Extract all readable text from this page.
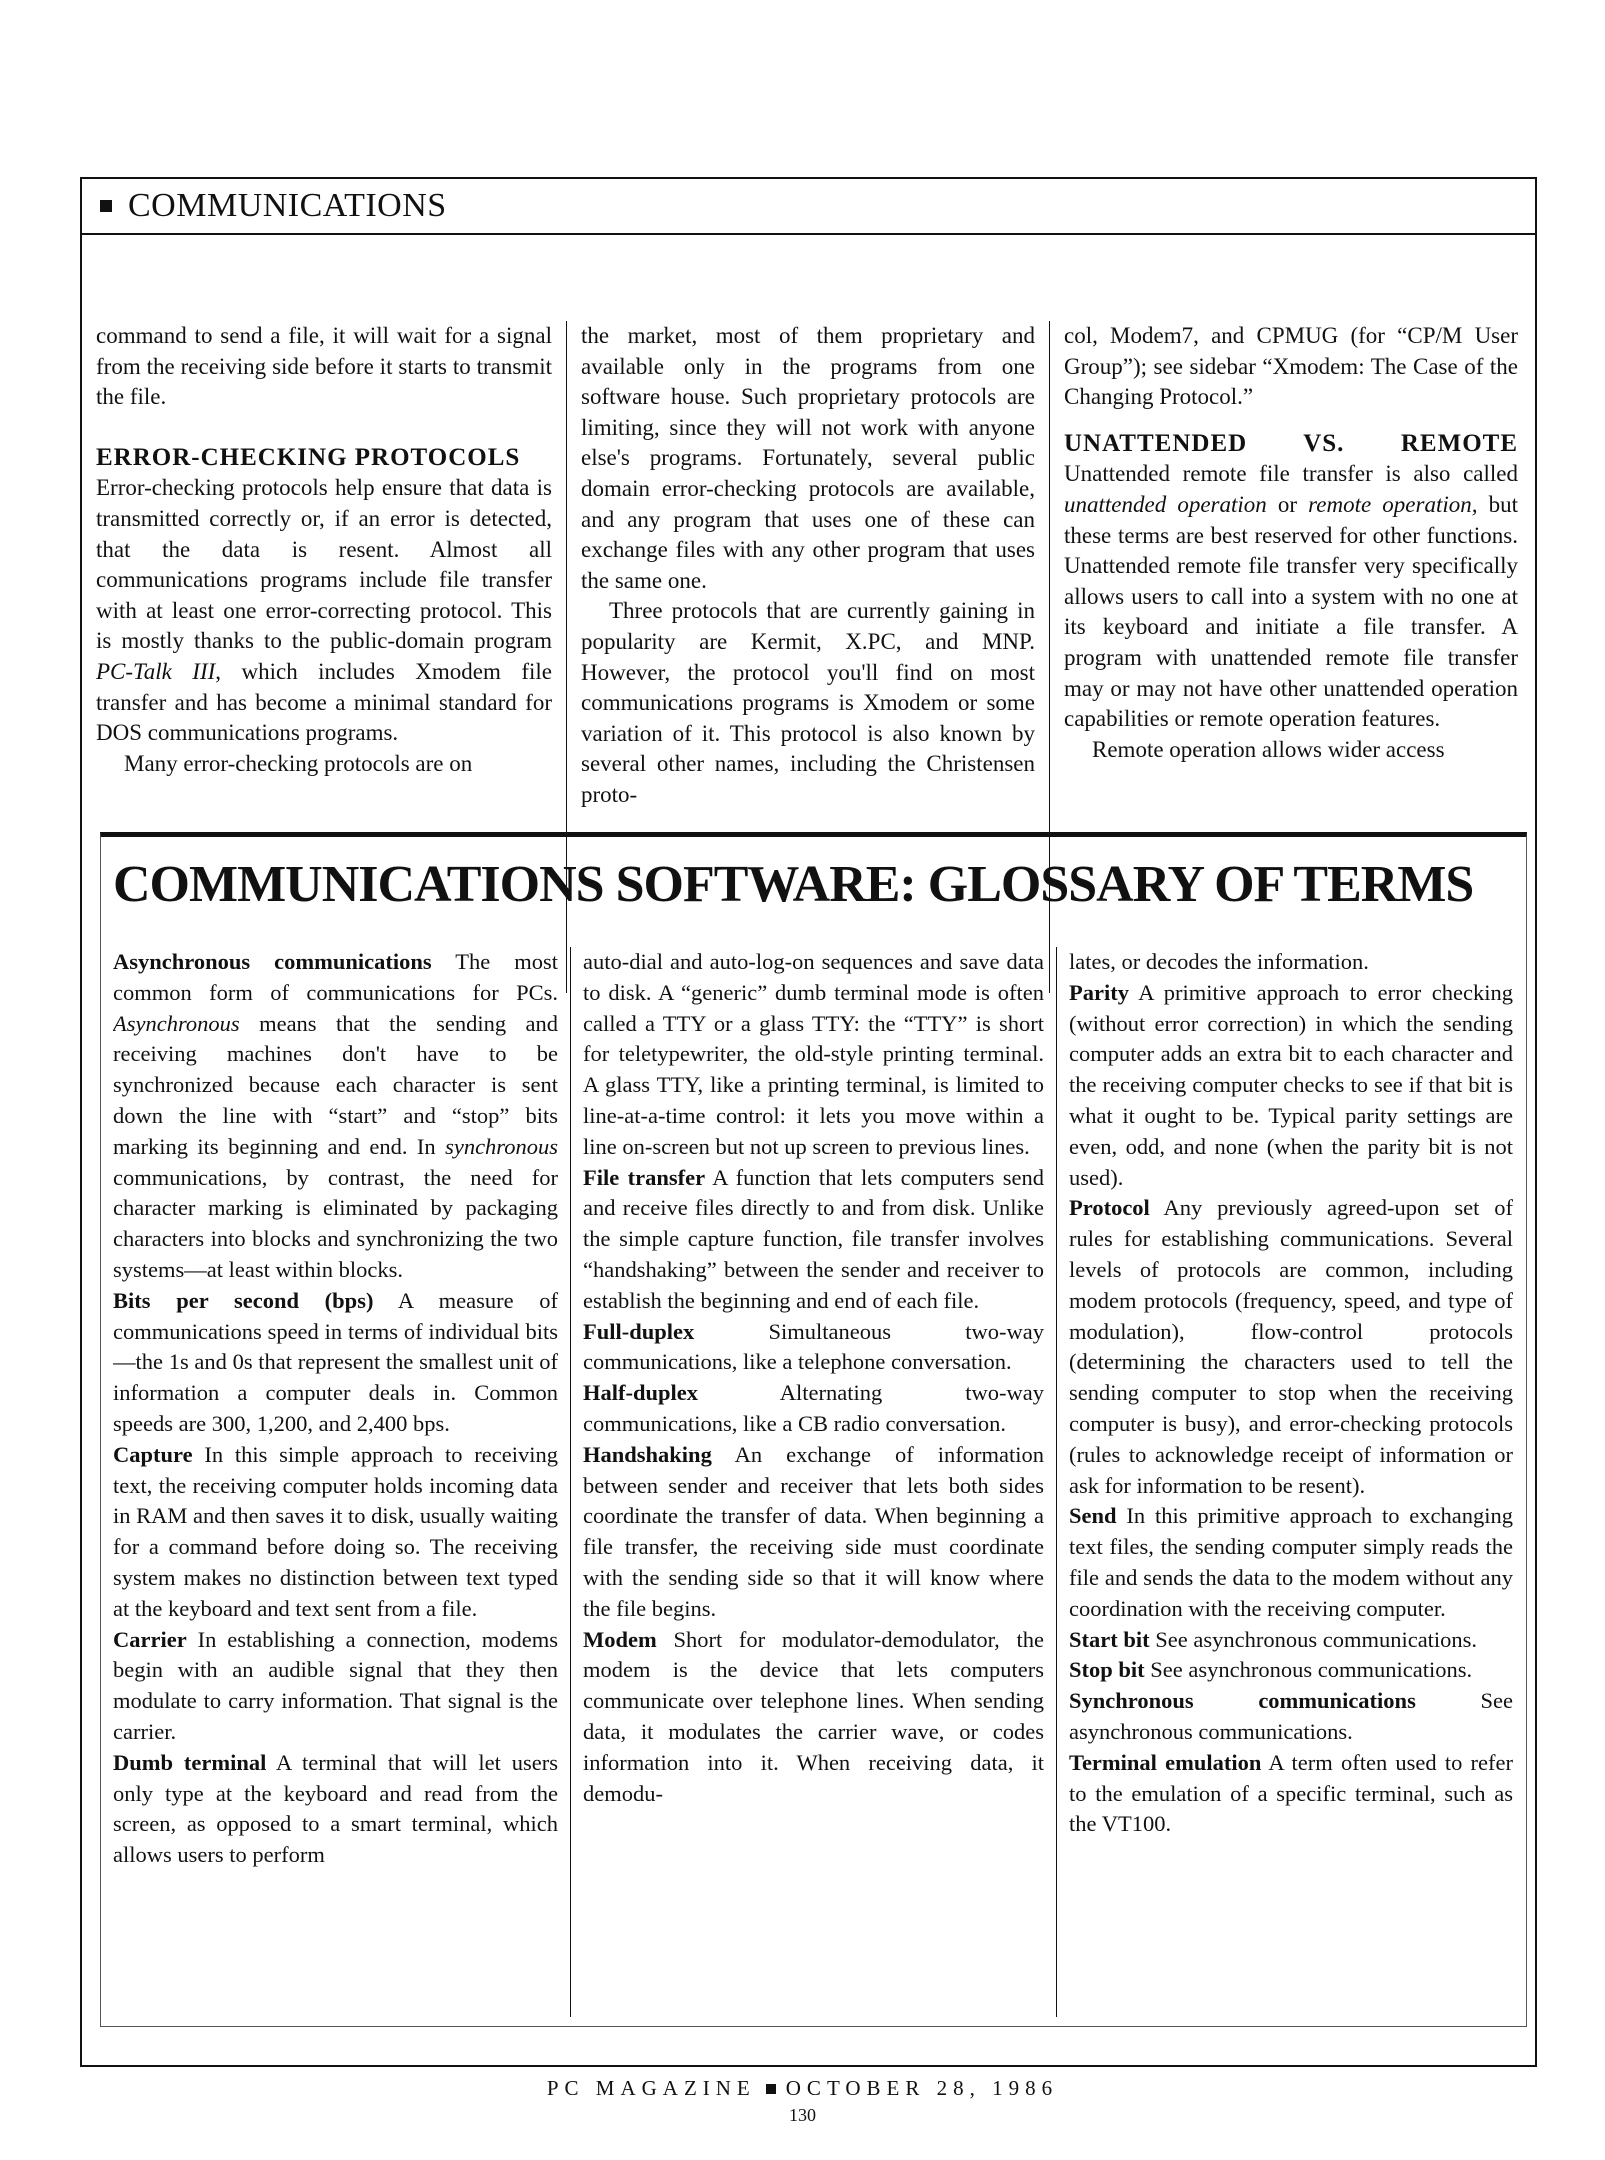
COMMUNICATIONS

command to send a file, it will wait for a signal from the receiving side before it starts to transmit the file.

ERROR-CHECKING PROTOCOLS

Error-checking protocols help ensure that data is transmitted correctly or, if an error is detected, that the data is resent. Almost all communications programs include file transfer with at least one error-correcting protocol. This is mostly thanks to the public-domain program PC-Talk III, which includes Xmodem file transfer and has become a minimal standard for DOS communications programs.

Many error-checking protocols are on

the market, most of them proprietary and available only in the programs from one software house. Such proprietary protocols are limiting, since they will not work with anyone else's programs. Fortunately, several public domain error-checking protocols are available, and any program that uses one of these can exchange files with any other program that uses the same one.

Three protocols that are currently gaining in popularity are Kermit, X.PC, and MNP. However, the protocol you'll find on most communications programs is Xmodem or some variation of it. This protocol is also known by several other names, including the Christensen proto-

col, Modem7, and CPMUG (for “CP/M User Group”); see sidebar “Xmodem: The Case of the Changing Protocol.”

UNATTENDED VS. REMOTE Unattended remote file transfer is also called unattended operation or remote operation, but these terms are best reserved for other functions. Unattended remote file transfer very specifically allows users to call into a system with no one at its keyboard and initiate a file transfer. A program with unattended remote file transfer may or may not have other unattended operation capabilities or remote operation features.

Remote operation allows wider access

COMMUNICATIONS SOFTWARE: GLOSSARY OF TERMS

Asynchronous communications The most common form of communications for PCs. Asynchronous means that the sending and receiving machines don't have to be synchronized because each character is sent down the line with “start” and “stop” bits marking its beginning and end. In synchronous communications, by contrast, the need for character marking is eliminated by packaging characters into blocks and synchronizing the two systems—at least within blocks.

Bits per second (bps) A measure of communications speed in terms of individual bits—the 1s and 0s that represent the smallest unit of information a computer deals in. Common speeds are 300, 1,200, and 2,400 bps.

Capture In this simple approach to receiving text, the receiving computer holds incoming data in RAM and then saves it to disk, usually waiting for a command before doing so. The receiving system makes no distinction between text typed at the keyboard and text sent from a file.

Carrier In establishing a connection, modems begin with an audible signal that they then modulate to carry information. That signal is the carrier.

Dumb terminal A terminal that will let users only type at the keyboard and read from the screen, as opposed to a smart terminal, which allows users to perform

auto-dial and auto-log-on sequences and save data to disk. A “generic” dumb terminal mode is often called a TTY or a glass TTY: the “TTY” is short for teletypewriter, the old-style printing terminal. A glass TTY, like a printing terminal, is limited to line-at-a-time control: it lets you move within a line on-screen but not up screen to previous lines.

File transfer A function that lets computers send and receive files directly to and from disk. Unlike the simple capture function, file transfer involves “handshaking” between the sender and receiver to establish the beginning and end of each file.

Full-duplex Simultaneous two-way communications, like a telephone conversation.

Half-duplex Alternating two-way communications, like a CB radio conversation.

Handshaking An exchange of information between sender and receiver that lets both sides coordinate the transfer of data. When beginning a file transfer, the receiving side must coordinate with the sending side so that it will know where the file begins.

Modem Short for modulator-demodulator, the modem is the device that lets computers communicate over telephone lines. When sending data, it modulates the carrier wave, or codes information into it. When receiving data, it demodu-

lates, or decodes the information.

Parity A primitive approach to error checking (without error correction) in which the sending computer adds an extra bit to each character and the receiving computer checks to see if that bit is what it ought to be. Typical parity settings are even, odd, and none (when the parity bit is not used).

Protocol Any previously agreed-upon set of rules for establishing communications. Several levels of protocols are common, including modem protocols (frequency, speed, and type of modulation), flow-control protocols (determining the characters used to tell the sending computer to stop when the receiving computer is busy), and error-checking protocols (rules to acknowledge receipt of information or ask for information to be resent).

Send In this primitive approach to exchanging text files, the sending computer simply reads the file and sends the data to the modem without any coordination with the receiving computer.

Start bit See asynchronous communications.

Stop bit See asynchronous communications.

Synchronous communications See asynchronous communications.

Terminal emulation A term often used to refer to the emulation of a specific terminal, such as the VT100.

PC MAGAZINE OCTOBER 28, 1986
130
